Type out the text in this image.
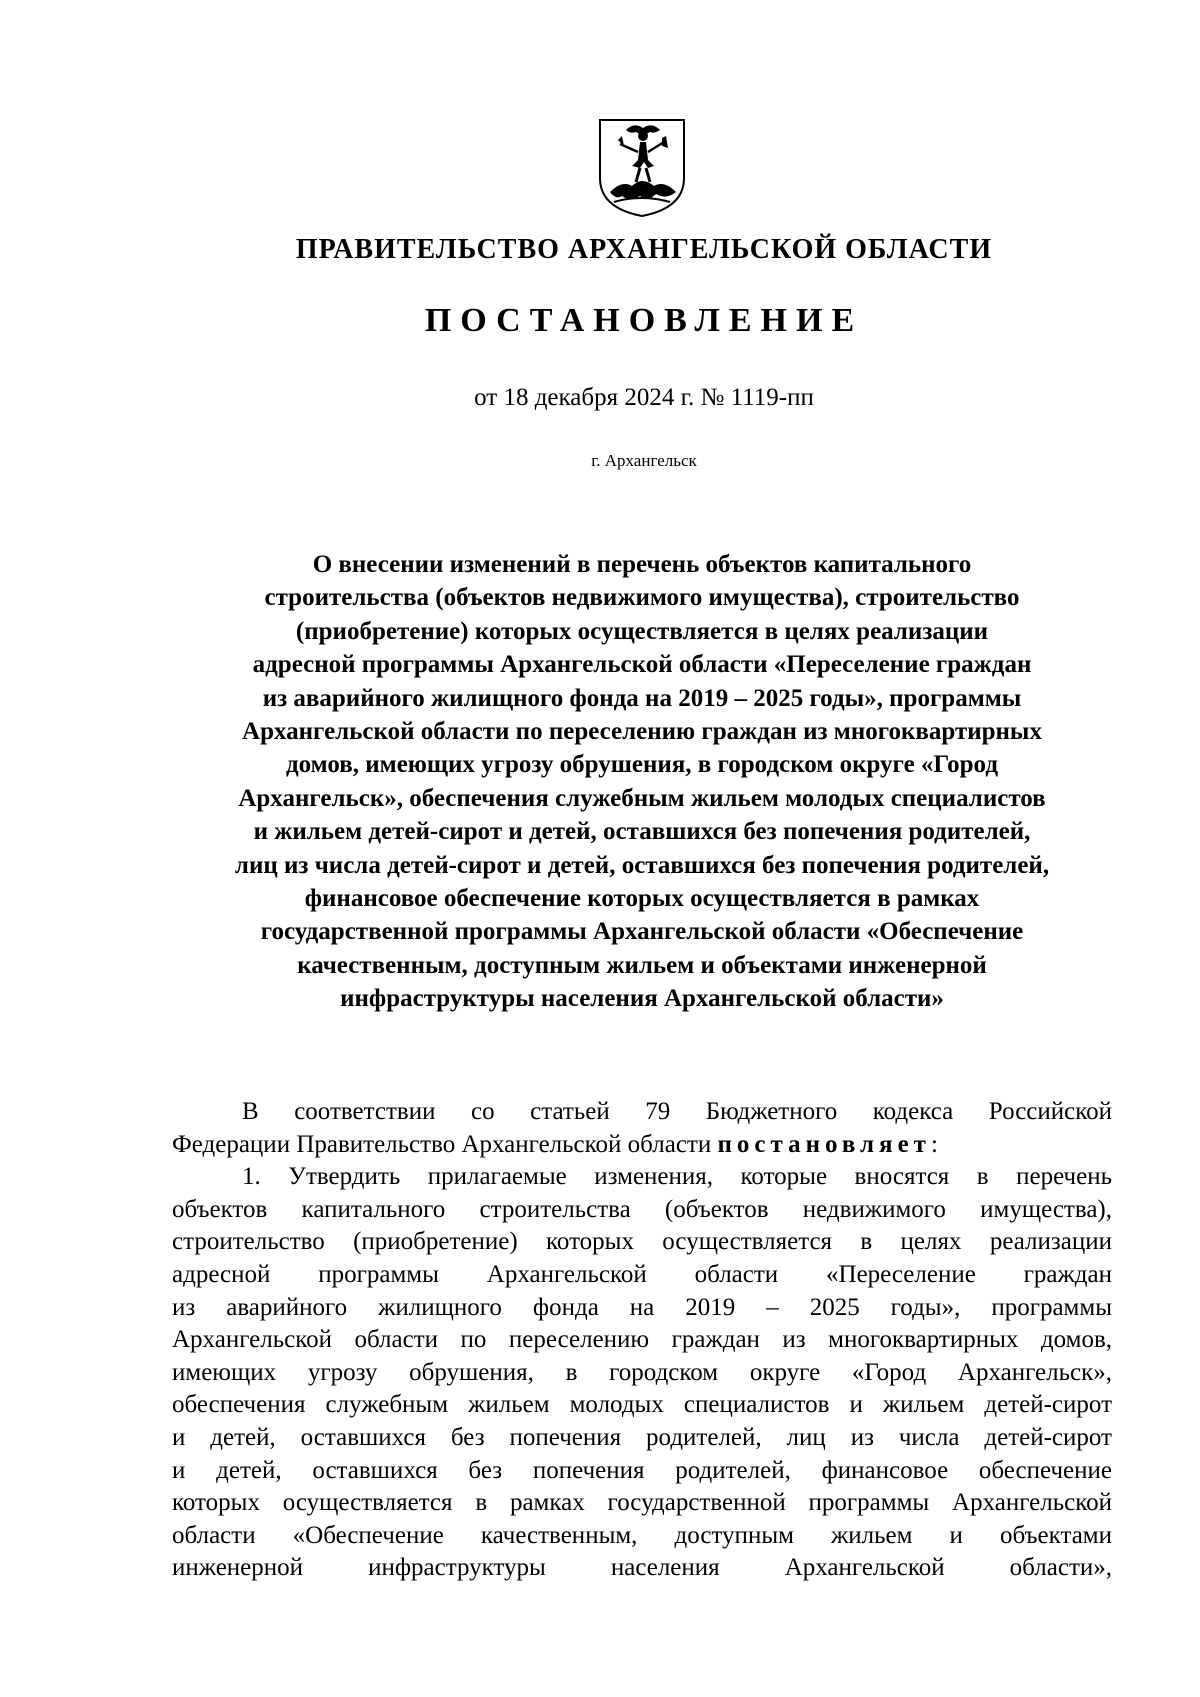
ПРАВИТЕЛЬСТВО АРХАНГЕЛЬСКОЙ ОБЛАСТИ
ПОСТАНОВЛЕНИЕ
от 18 декабря 2024 г. № 1119-пп
г. Архангельск
О внесении изменений в перечень объектов капитального
строительства (объектов недвижимого имущества), строительство
(приобретение) которых осуществляется в целях реализации
адресной программы Архангельской области «Переселение граждан
из аварийного жилищного фонда на 2019 – 2025 годы», программы
Архангельской области по переселению граждан из многоквартирных
домов, имеющих угрозу обрушения, в городском округе «Город
Архангельск», обеспечения служебным жильем молодых специалистов
и жильем детей-сирот и детей, оставшихся без попечения родителей,
лиц из числа детей-сирот и детей, оставшихся без попечения родителей,
финансовое обеспечение которых осуществляется в рамках
государственной программы Архангельской области «Обеспечение
качественным, доступным жильем и объектами инженерной
инфраструктуры населения Архангельской области»
В соответствии со статьей 79 Бюджетного кодекса Российской
Федерации Правительство Архангельской области постановляет:
1. Утвердить прилагаемые изменения, которые вносятся в перечень
объектов капитального строительства (объектов недвижимого имущества),
строительство (приобретение) которых осуществляется в целях реализации
адресной программы Архангельской области «Переселение граждан
из аварийного жилищного фонда на 2019 – 2025 годы», программы
Архангельской области по переселению граждан из многоквартирных домов,
имеющих угрозу обрушения, в городском округе «Город Архангельск»,
обеспечения служебным жильем молодых специалистов и жильем детей-сирот
и детей, оставшихся без попечения родителей, лиц из числа детей-сирот
и детей, оставшихся без попечения родителей, финансовое обеспечение
которых осуществляется в рамках государственной программы Архангельской
области «Обеспечение качественным, доступным жильем и объектами
инженерной инфраструктуры населения Архангельской области»,
